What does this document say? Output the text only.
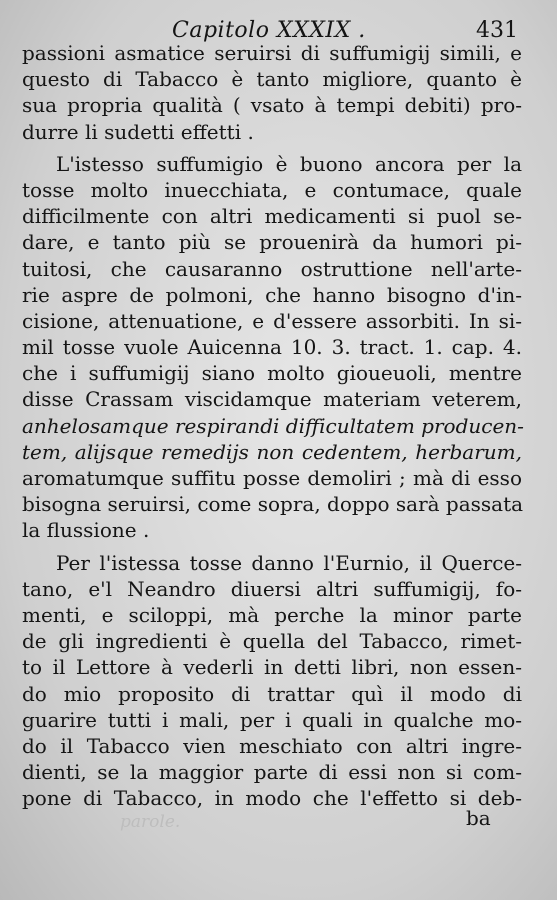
Capitolo XXXIX .	431
passioni asmatice seruirsi di suffumigij simili, e
questo di Tabacco è tanto migliore, quanto è
sua propria qualità ( vsato à tempi debiti) pro-
durre li sudetti effetti .
L'istesso suffumigio è buono ancora per la
tosse molto inuecchiata, e contumace, quale
difficilmente con altri medicamenti si puol se-
dare, e tanto più se prouenirà da humori pi-
tuitosi, che causaranno ostruttione nell'arte-
rie aspre de polmoni, che hanno bisogno d'in-
cisione, attenuatione, e d'essere assorbiti. In si-
mil tosse vuole Auicenna 10. 3. tract. 1. cap. 4.
che i suffumigij siano molto gioueuoli, mentre
disse Crassam viscidamque materiam veterem,
anhelosamque respirandi difficultatem producen-
tem, alijsque remedijs non cedentem, herbarum,
aromatumque suffitu posse demoliri ; mà di esso
bisogna seruirsi, come sopra, doppo sarà passata
la flussione .
Per l'istessa tosse danno l'Eurnio, il Querce-
tano, e'l Neandro diuersi altri suffumigij, fo-
menti, e sciloppi, mà perche la minor parte
de gli ingredienti è quella del Tabacco, rimet-
to il Lettore à vederli in detti libri, non essen-
do mio proposito di trattar quì il modo di
guarire tutti i mali, per i quali in qualche mo-
do il Tabacco vien meschiato con altri ingre-
dienti, se la maggior parte di essi non si com-
pone di Tabacco, in modo che l'effetto si deb-
parole.	ba
